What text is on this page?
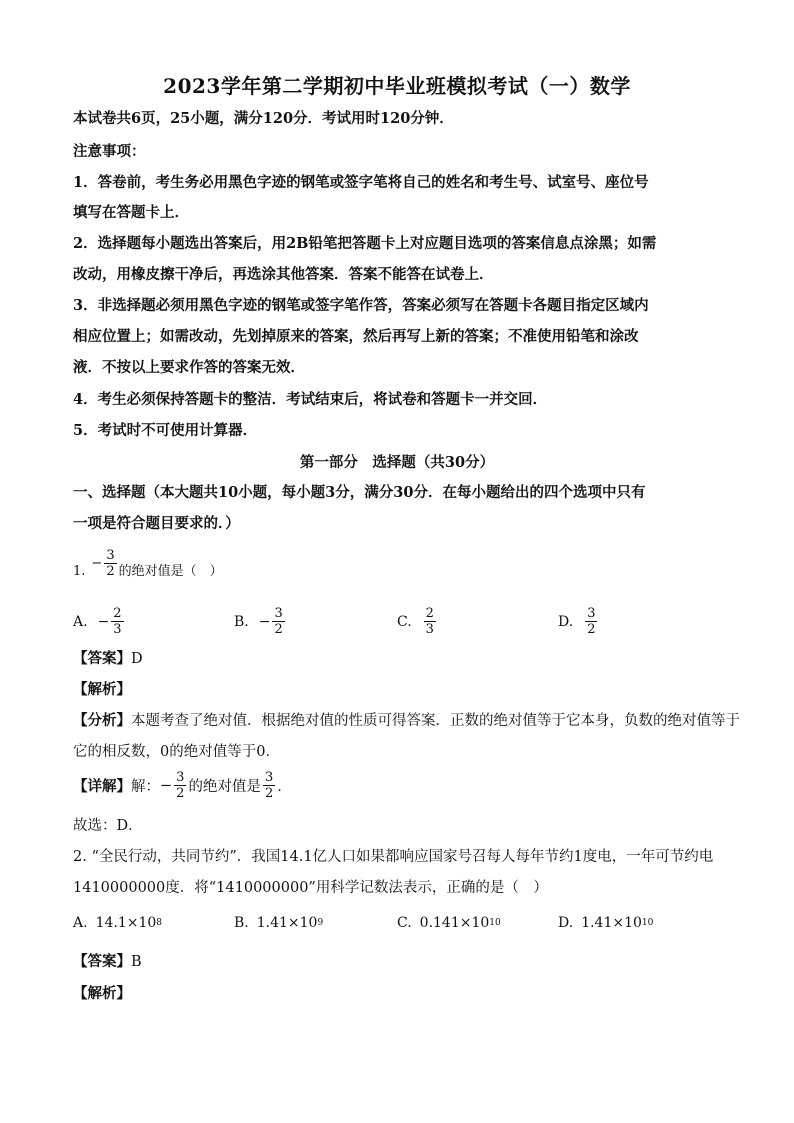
2023学年第二学期初中毕业班模拟考试（一）数学
本试卷共6页，25小题，满分120分．考试用时120分钟．
注意事项：
1．答卷前，考生务必用黑色字迹的钢笔或签字笔将自己的姓名和考生号、试室号、座位号
填写在答题卡上．
2．选择题每小题选出答案后，用2B铅笔把答题卡上对应题目选项的答案信息点涂黑；如需
改动，用橡皮擦干净后，再选涂其他答案．答案不能答在试卷上．
3．非选择题必须用黑色字迹的钢笔或签字笔作答，答案必须写在答题卡各题目指定区域内
相应位置上；如需改动，先划掉原来的答案，然后再写上新的答案；不准使用铅笔和涂改
液．不按以上要求作答的答案无效．
4．考生必须保持答题卡的整洁．考试结束后，将试卷和答题卡一并交回．
5．考试时不可使用计算器．
第一部分　选择题（共30分）
一、选择题（本大题共10小题，每小题3分，满分30分．在每小题给出的四个选项中只有
一项是符合题目要求的．）
1.
− $\frac{3}{2}$ 的绝对值是（　）
A. − $\frac{2}{3}$	B. − $\frac{3}{2}$	C. $\frac{2}{3}$	D. $\frac{3}{2}$
【答案】D
【解析】
【分析】本题考查了绝对值．根据绝对值的性质可得答案．正数的绝对值等于它本身，负数的绝对值等于
它的相反数，0的绝对值等于0．
【详解】 解： − $\frac{3}{2}$ 的绝对值是 $\frac{3}{2}$ ．
故选：D．
2. “全民行动，共同节约”．我国14.1亿人口如果都响应国家号召每人每年节约1度电，一年可节约电
1410000000度．将“1410000000”用科学记数法表示，正确的是（　）
A. 14.1×10 8	B. 1.41×10 9	C. 0.141×10 10	D. 1.41×10 10
【答案】B
【解析】
